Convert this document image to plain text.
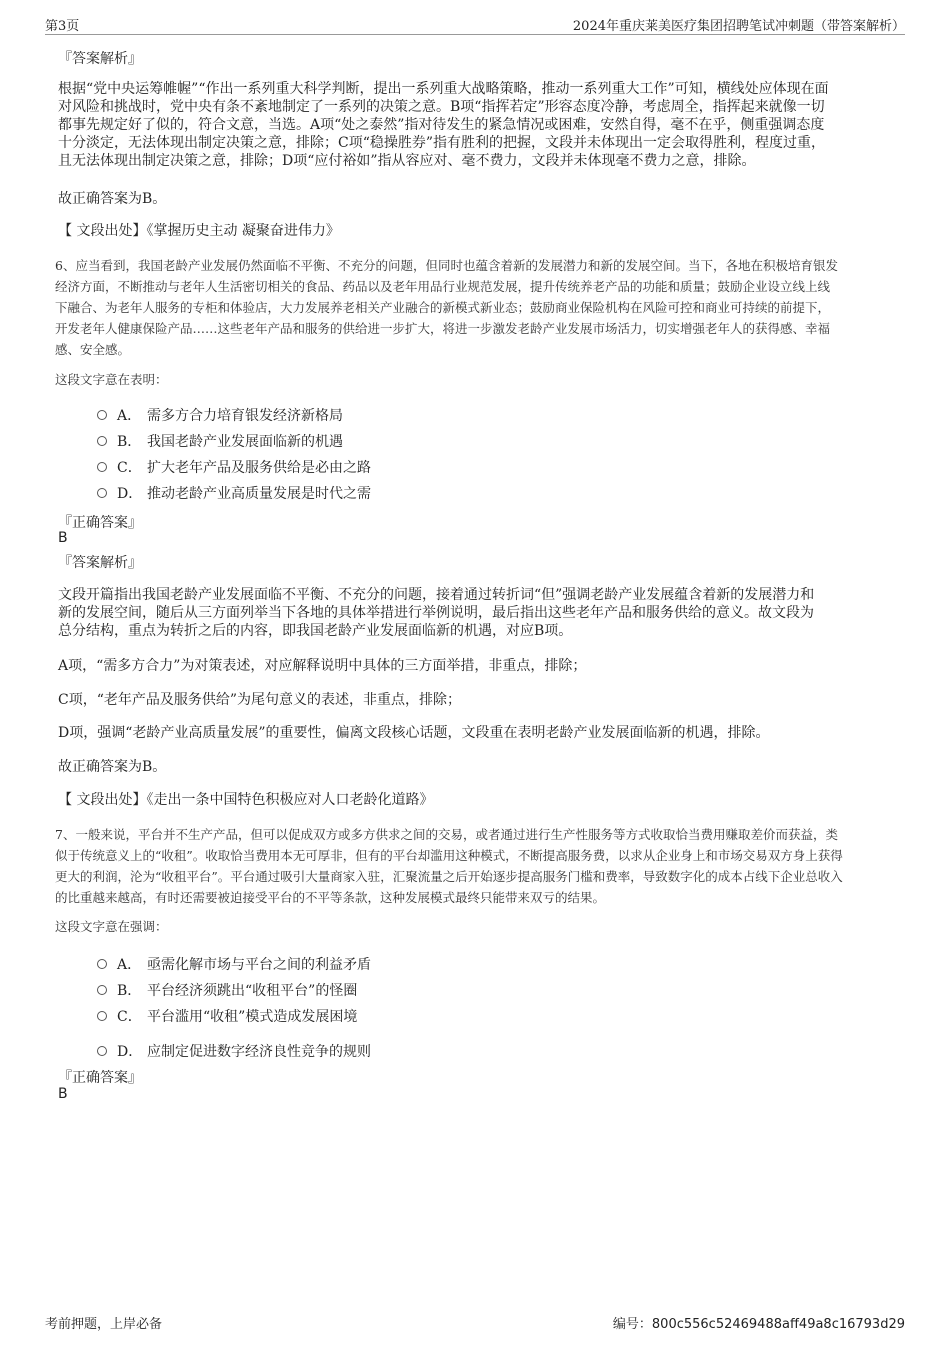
第3页	2024年重庆莱美医疗集团招聘笔试冲刺题（带答案解析）
『答案解析』
根据“党中央运筹帷幄”“作出一系列重大科学判断，提出一系列重大战略策略，推动一系列重大工作”可知，横线处应体现在面
对风险和挑战时，党中央有条不紊地制定了一系列的决策之意。B项“指挥若定”形容态度冷静，考虑周全，指挥起来就像一切
都事先规定好了似的，符合文意，当选。A项“处之泰然”指对待发生的紧急情况或困难，安然自得，毫不在乎，侧重强调态度
十分淡定，无法体现出制定决策之意，排除；C项“稳操胜券”指有胜利的把握，文段并未体现出一定会取得胜利，程度过重，
且无法体现出制定决策之意，排除；D项“应付裕如”指从容应对、毫不费力，文段并未体现毫不费力之意，排除。
故正确答案为B。
【 文段出处】《掌握历史主动 凝聚奋进伟力》
6、应当看到，我国老龄产业发展仍然面临不平衡、不充分的问题，但同时也蕴含着新的发展潜力和新的发展空间。当下，各地在积极培育银发
经济方面，不断推动与老年人生活密切相关的食品、药品以及老年用品行业规范发展，提升传统养老产品的功能和质量；鼓励企业设立线上线
下融合、为老年人服务的专柜和体验店，大力发展养老相关产业融合的新模式新业态；鼓励商业保险机构在风险可控和商业可持续的前提下，
开发老年人健康保险产品……这些老年产品和服务的供给进一步扩大，将进一步激发老龄产业发展市场活力，切实增强老年人的获得感、幸福
感、安全感。
这段文字意在表明：
A． 需多方合力培育银发经济新格局
B． 我国老龄产业发展面临新的机遇
C． 扩大老年产品及服务供给是必由之路
D． 推动老龄产业高质量发展是时代之需
『正确答案』
B
『答案解析』
文段开篇指出我国老龄产业发展面临不平衡、不充分的问题，接着通过转折词“但”强调老龄产业发展蕴含着新的发展潜力和
新的发展空间，随后从三方面列举当下各地的具体举措进行举例说明，最后指出这些老年产品和服务供给的意义。故文段为
总分结构，重点为转折之后的内容，即我国老龄产业发展面临新的机遇，对应B项。
A项，“需多方合力”为对策表述，对应解释说明中具体的三方面举措，非重点，排除；
C项，“老年产品及服务供给”为尾句意义的表述，非重点，排除；
D项，强调“老龄产业高质量发展”的重要性，偏离文段核心话题，文段重在表明老龄产业发展面临新的机遇，排除。
故正确答案为B。
【 文段出处】《走出一条中国特色积极应对人口老龄化道路》
7、一般来说，平台并不生产产品，但可以促成双方或多方供求之间的交易，或者通过进行生产性服务等方式收取恰当费用赚取差价而获益，类
似于传统意义上的“收租”。收取恰当费用本无可厚非，但有的平台却滥用这种模式，不断提高服务费，以求从企业身上和市场交易双方身上获得
更大的利润，沦为“收租平台”。平台通过吸引大量商家入驻，汇聚流量之后开始逐步提高服务门槛和费率，导致数字化的成本占线下企业总收入
的比重越来越高，有时还需要被迫接受平台的不平等条款，这种发展模式最终只能带来双亏的结果。
这段文字意在强调：
A． 亟需化解市场与平台之间的利益矛盾
B． 平台经济须跳出“收租平台”的怪圈
C． 平台滥用“收租”模式造成发展困境
D． 应制定促进数字经济良性竞争的规则
『正确答案』
B
考前押题，上岸必备	编号：800c556c52469488aff49a8c16793d29
